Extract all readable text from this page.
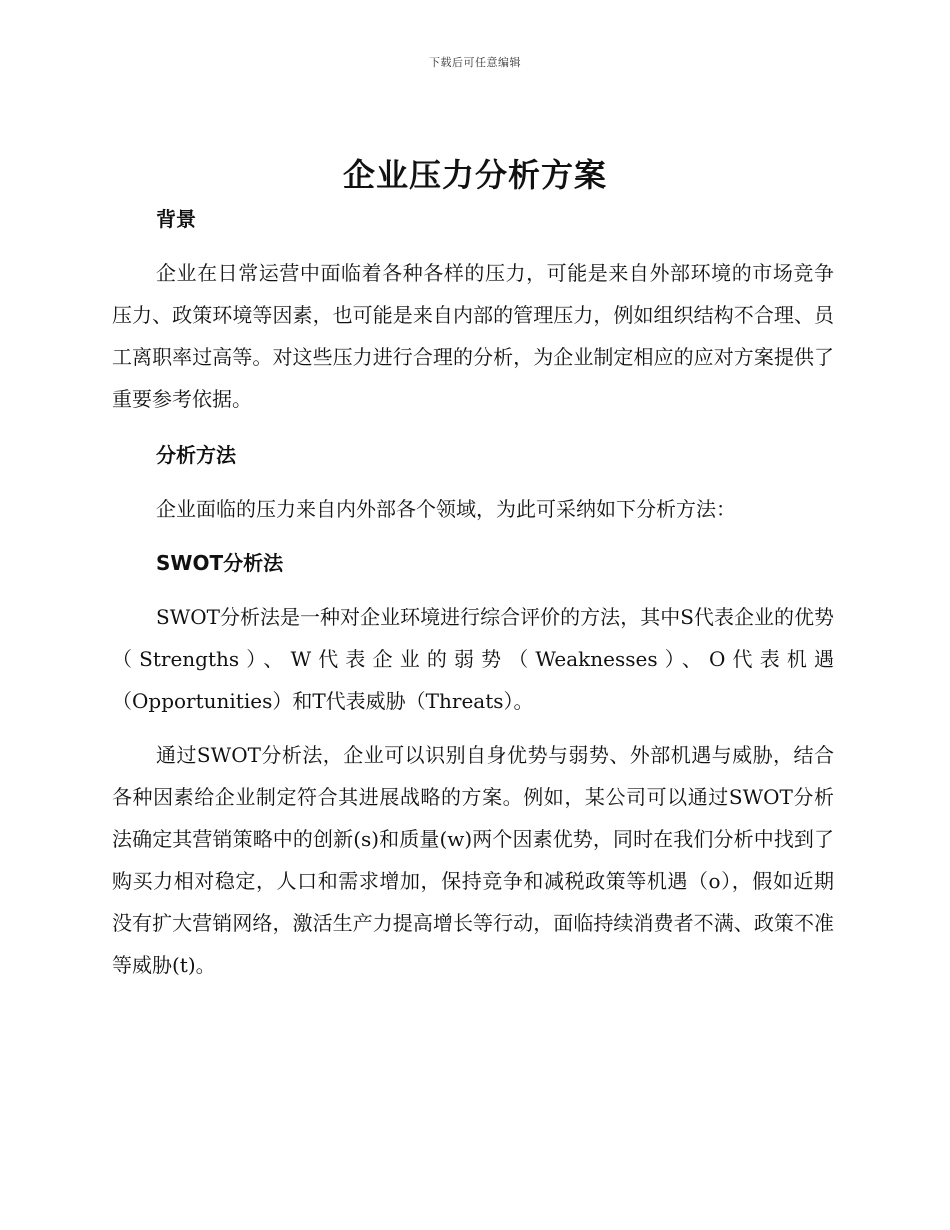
下载后可任意编辑
企业压力分析方案

背景

企业在日常运营中面临着各种各样的压力，可能是来自外部环境的市场竞争压力、政策环境等因素，也可能是来自内部的管理压力，例如组织结构不合理、员工离职率过高等。对这些压力进行合理的分析，为企业制定相应的应对方案提供了重要参考依据。

分析方法

企业面临的压力来自内外部各个领域，为此可采纳如下分析方法：

SWOT分析法

SWOT分析法是一种对企业环境进行综合评价的方法，其中S代表企业的优势（Strengths）、W代表企业的弱势（Weaknesses）、O代表机遇（Opportunities）和T代表威胁（Threats）。

通过SWOT分析法，企业可以识别自身优势与弱势、外部机遇与威胁，结合各种因素给企业制定符合其进展战略的方案。例如，某公司可以通过SWOT分析法确定其营销策略中的创新(s)和质量(w)两个因素优势，同时在我们分析中找到了购买力相对稳定，人口和需求增加，保持竞争和减税政策等机遇（o），假如近期没有扩大营销网络，激活生产力提高增长等行动，面临持续消费者不满、政策不准等威胁(t)。
